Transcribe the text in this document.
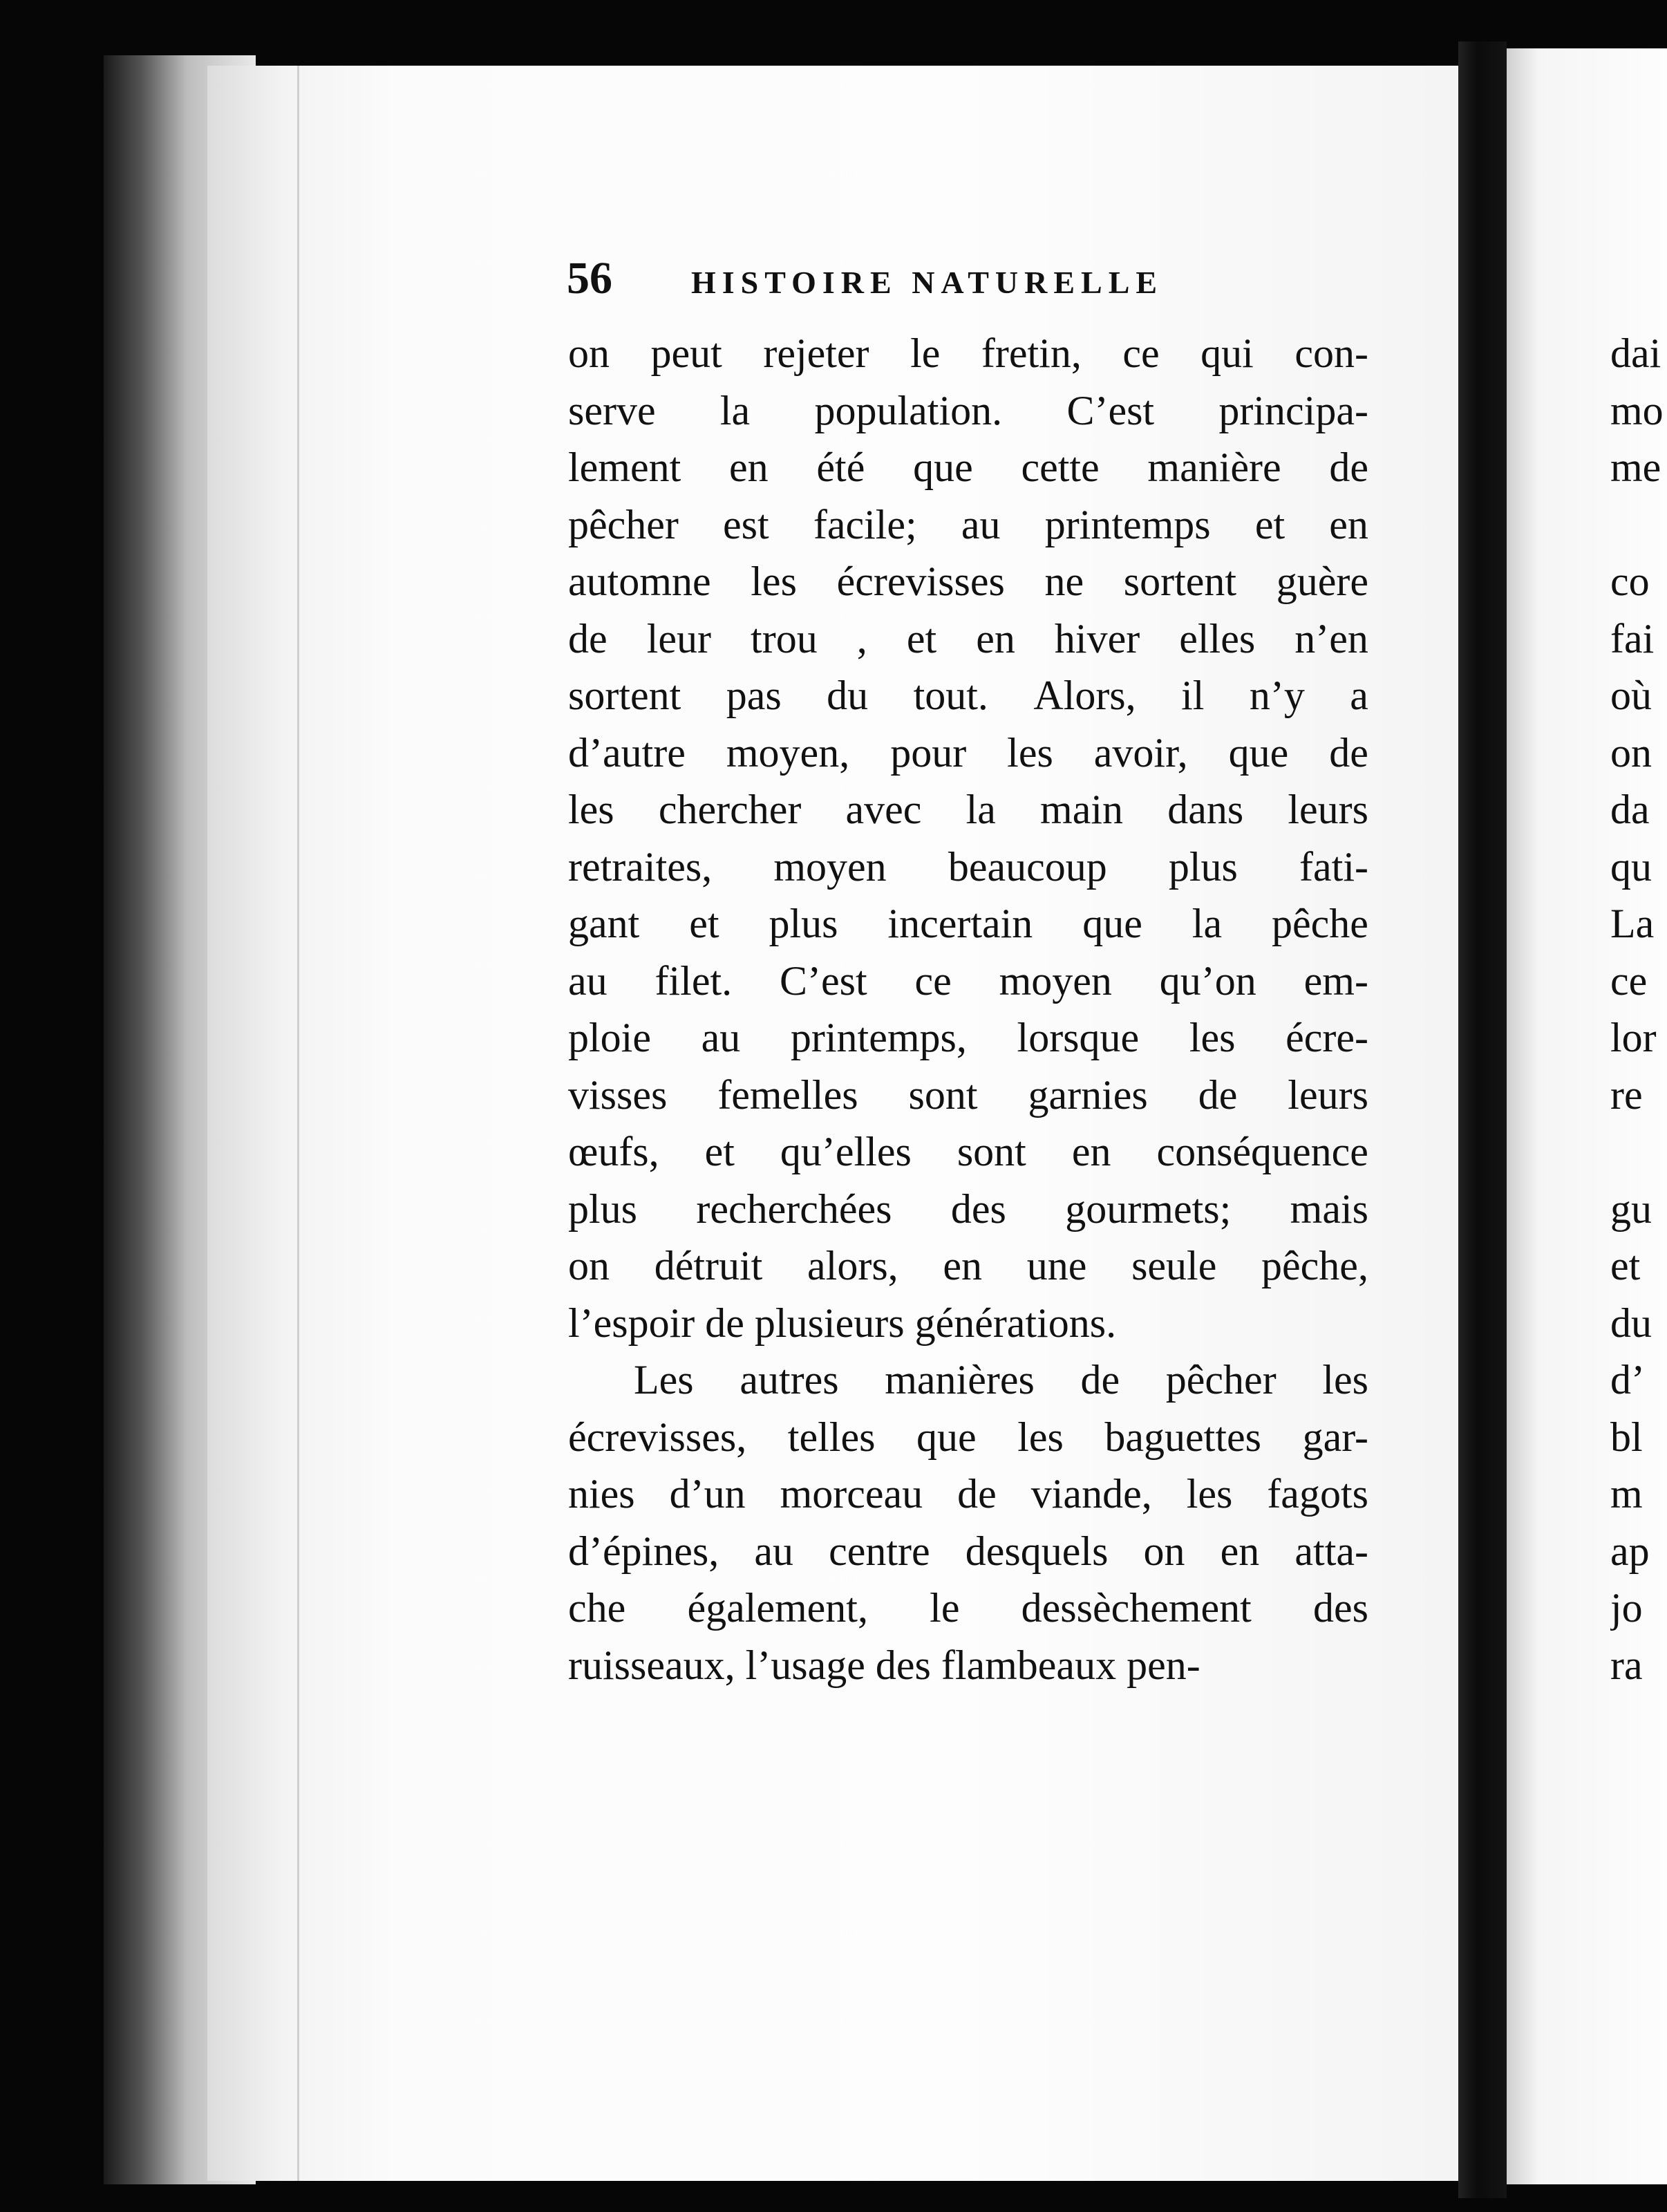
56	HISTOIRE NATURELLE
on peut rejeter le fretin, ce qui con-
serve la population. C’est principa-
lement en été que cette manière de
pêcher est facile; au printemps et en
automne les écrevisses ne sortent guère
de leur trou , et en hiver elles n’en
sortent pas du tout. Alors, il n’y a
d’autre moyen, pour les avoir, que de
les chercher avec la main dans leurs
retraites, moyen beaucoup plus fati-
gant et plus incertain que la pêche
au filet. C’est ce moyen qu’on em-
ploie au printemps, lorsque les écre-
visses femelles sont garnies de leurs
œufs, et qu’elles sont en conséquence
plus recherchées des gourmets; mais
on détruit alors, en une seule pêche,
l’espoir de plusieurs générations.
Les autres manières de pêcher les
écrevisses, telles que les baguettes gar-
nies d’un morceau de viande, les fagots
d’épines, au centre desquels on en atta-
che également, le dessèchement des
ruisseaux, l’usage des flambeaux pen-
dai
mo
me
co
fai
où
on
da
qu
La
ce
lor
re
gu
et
du
d’
bl
m
ap
jo
ra
